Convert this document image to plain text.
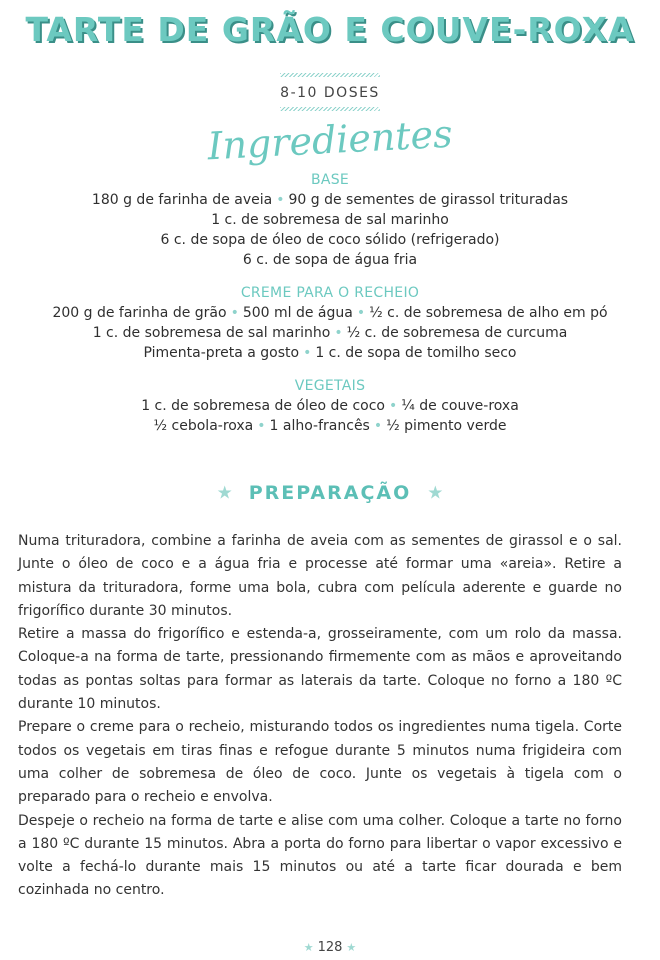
TARTE DE GRÃO E COUVE-ROXA
8-10 DOSES
Ingredientes
BASE
180 g de farinha de aveia • 90 g de sementes de girassol trituradas
1 c. de sobremesa de sal marinho
6 c. de sopa de óleo de coco sólido (refrigerado)
6 c. de sopa de água fria
CREME PARA O RECHEIO
200 g de farinha de grão • 500 ml de água • ½ c. de sobremesa de alho em pó
1 c. de sobremesa de sal marinho • ½ c. de sobremesa de curcuma
Pimenta-preta a gosto • 1 c. de sopa de tomilho seco
VEGETAIS
1 c. de sobremesa de óleo de coco • ¼ de couve-roxa
½ cebola-roxa • 1 alho-francês • ½ pimento verde
★ PREPARAÇÃO ★

Numa trituradora, combine a farinha de aveia com as sementes de girassol e o sal. Junte o óleo de coco e a água fria e processe até formar uma «areia». Retire a mistura da trituradora, forme uma bola, cubra com película aderente e guarde no frigorífico durante 30 minutos.

Retire a massa do frigorífico e estenda-a, grosseiramente, com um rolo da massa. Coloque-a na forma de tarte, pressionando firmemente com as mãos e aproveitando todas as pontas soltas para formar as laterais da tarte. Coloque no forno a 180 ºC durante 10 minutos.

Prepare o creme para o recheio, misturando todos os ingredientes numa tigela. Corte todos os vegetais em tiras finas e refogue durante 5 minutos numa frigideira com uma colher de sobremesa de óleo de coco. Junte os vegetais à tigela com o preparado para o recheio e envolva.

Despeje o recheio na forma de tarte e alise com uma colher. Coloque a tarte no forno a 180 ºC durante 15 minutos. Abra a porta do forno para libertar o vapor excessivo e volte a fechá-lo durante mais 15 minutos ou até a tarte ficar dourada e bem cozinhada no centro.

★ 128 ★
